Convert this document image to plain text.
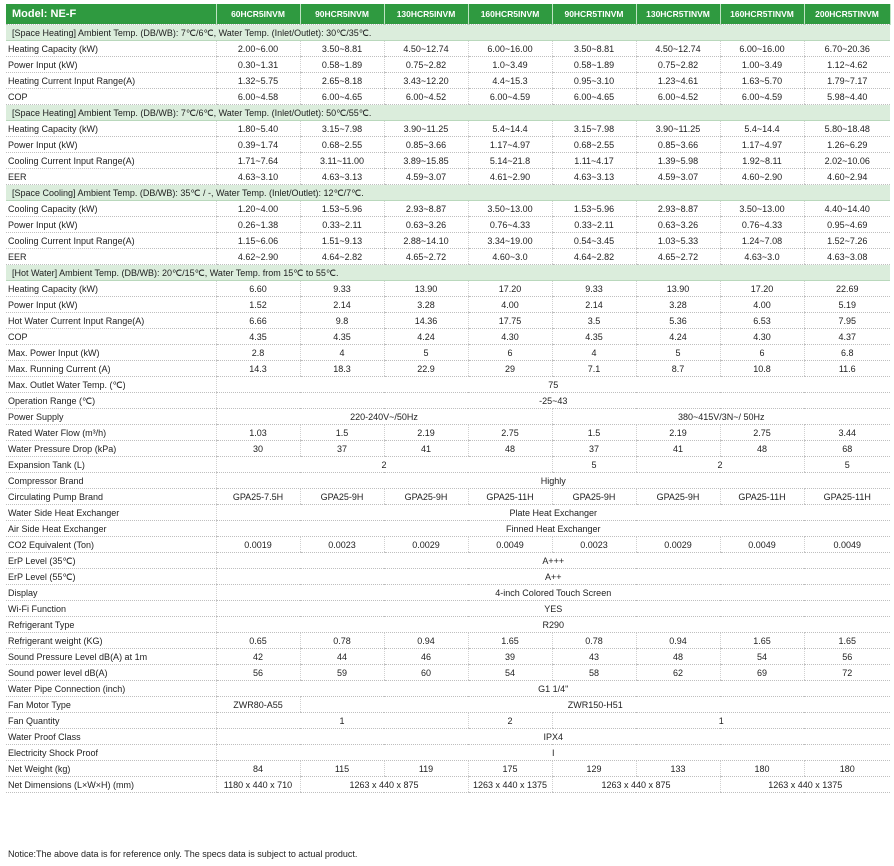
Model: NE-F	60HCR5INVM	90HCR5INVM	130HCR5INVM	160HCR5INVM	90HCR5TINVM	130HCR5TINVM	160HCR5TINVM	200HCR5TINVM
[Space Heating] Ambient Temp. (DB/WB): 7℃/6℃, Water Temp. (Inlet/Outlet): 30℃/35℃.								
Heating Capacity (kW)	2.00~6.00	3.50~8.81	4.50~12.74	6.00~16.00	3.50~8.81	4.50~12.74	6.00~16.00	6.70~20.36
Power Input (kW)	0.30~1.31	0.58~1.89	0.75~2.82	1.0~3.49	0.58~1.89	0.75~2.82	1.00~3.49	1.12~4.62
Heating Current Input Range(A)	1.32~5.75	2.65~8.18	3.43~12.20	4.4~15.3	0.95~3.10	1.23~4.61	1.63~5.70	1.79~7.17
COP	6.00~4.58	6.00~4.65	6.00~4.52	6.00~4.59	6.00~4.65	6.00~4.52	6.00~4.59	5.98~4.40
[Space Heating] Ambient Temp. (DB/WB): 7℃/6℃, Water Temp. (Inlet/Outlet): 50℃/55℃.								
Heating Capacity (kW)	1.80~5.40	3.15~7.98	3.90~11.25	5.4~14.4	3.15~7.98	3.90~11.25	5.4~14.4	5.80~18.48
Power Input (kW)	0.39~1.74	0.68~2.55	0.85~3.66	1.17~4.97	0.68~2.55	0.85~3.66	1.17~4.97	1.26~6.29
Cooling Current Input Range(A)	1.71~7.64	3.11~11.00	3.89~15.85	5.14~21.8	1.11~4.17	1.39~5.98	1.92~8.11	2.02~10.06
EER	4.63~3.10	4.63~3.13	4.59~3.07	4.61~2.90	4.63~3.13	4.59~3.07	4.60~2.90	4.60~2.94
[Space Cooling] Ambient Temp. (DB/WB): 35℃ / -, Water Temp. (Inlet/Outlet): 12℃/7℃.								
Cooling Capacity (kW)	1.20~4.00	1.53~5.96	2.93~8.87	3.50~13.00	1.53~5.96	2.93~8.87	3.50~13.00	4.40~14.40
Power Input (kW)	0.26~1.38	0.33~2.11	0.63~3.26	0.76~4.33	0.33~2.11	0.63~3.26	0.76~4.33	0.95~4.69
Cooling Current Input Range(A)	1.15~6.06	1.51~9.13	2.88~14.10	3.34~19.00	0.54~3.45	1.03~5.33	1.24~7.08	1.52~7.26
EER	4.62~2.90	4.64~2.82	4.65~2.72	4.60~3.0	4.64~2.82	4.65~2.72	4.63~3.0	4.63~3.08
[Hot Water] Ambient Temp. (DB/WB): 20℃/15℃, Water Temp. from 15℃ to 55℃.								
Heating Capacity (kW)	6.60	9.33	13.90	17.20	9.33	13.90	17.20	22.69
Power Input (kW)	1.52	2.14	3.28	4.00	2.14	3.28	4.00	5.19
Hot Water Current Input Range(A)	6.66	9.8	14.36	17.75	3.5	5.36	6.53	7.95
COP	4.35	4.35	4.24	4.30	4.35	4.24	4.30	4.37
Max. Power Input (kW)	2.8	4	5	6	4	5	6	6.8
Max. Running Current (A)	14.3	18.3	22.9	29	7.1	8.7	10.8	11.6
Max. Outlet Water Temp. (℃)	75							
Operation Range (℃)	-25~43							
Power Supply	220-240V~/50Hz				380~415V/3N~/ 50Hz			
Rated Water Flow (m³/h)	1.03	1.5	2.19	2.75	1.5	2.19	2.75	3.44
Water Pressure Drop (kPa)	30	37	41	48	37	41	48	68
Expansion Tank (L)	2				5	2		5
Compressor Brand	Highly							
Circulating Pump Brand	GPA25-7.5H	GPA25-9H	GPA25-9H	GPA25-11H	GPA25-9H	GPA25-9H	GPA25-11H	GPA25-11H
Water Side Heat Exchanger	Plate Heat Exchanger							
Air Side Heat Exchanger	Finned Heat Exchanger							
CO2 Equivalent (Ton)	0.0019	0.0023	0.0029	0.0049	0.0023	0.0029	0.0049	0.0049
ErP Level (35℃)	A+++							
ErP Level (55℃)	A++							
Display	4-inch Colored Touch Screen							
Wi-Fi Function	YES							
Refrigerant Type	R290							
Refrigerant weight (KG)	0.65	0.78	0.94	1.65	0.78	0.94	1.65	1.65
Sound Pressure Level dB(A) at 1m	42	44	46	39	43	48	54	56
Sound power level dB(A)	56	59	60	54	58	62	69	72
Water Pipe Connection (inch)	G1 1/4"							
Fan Motor Type	ZWR80-A55	ZWR150-H51						
Fan Quantity	1			2	1			
Water Proof Class	IPX4							
Electricity Shock Proof	I							
Net Weight (kg)	84	115	119	175	129	133	180	180
Net Dimensions (L×W×H) (mm)	1180 x 440 x 710	1263 x 440 x 875		1263 x 440 x 1375	1263 x 440 x 875		1263 x 440 x 1375	
Notice:The above data is for reference only. The specs data is subject to actual product.
